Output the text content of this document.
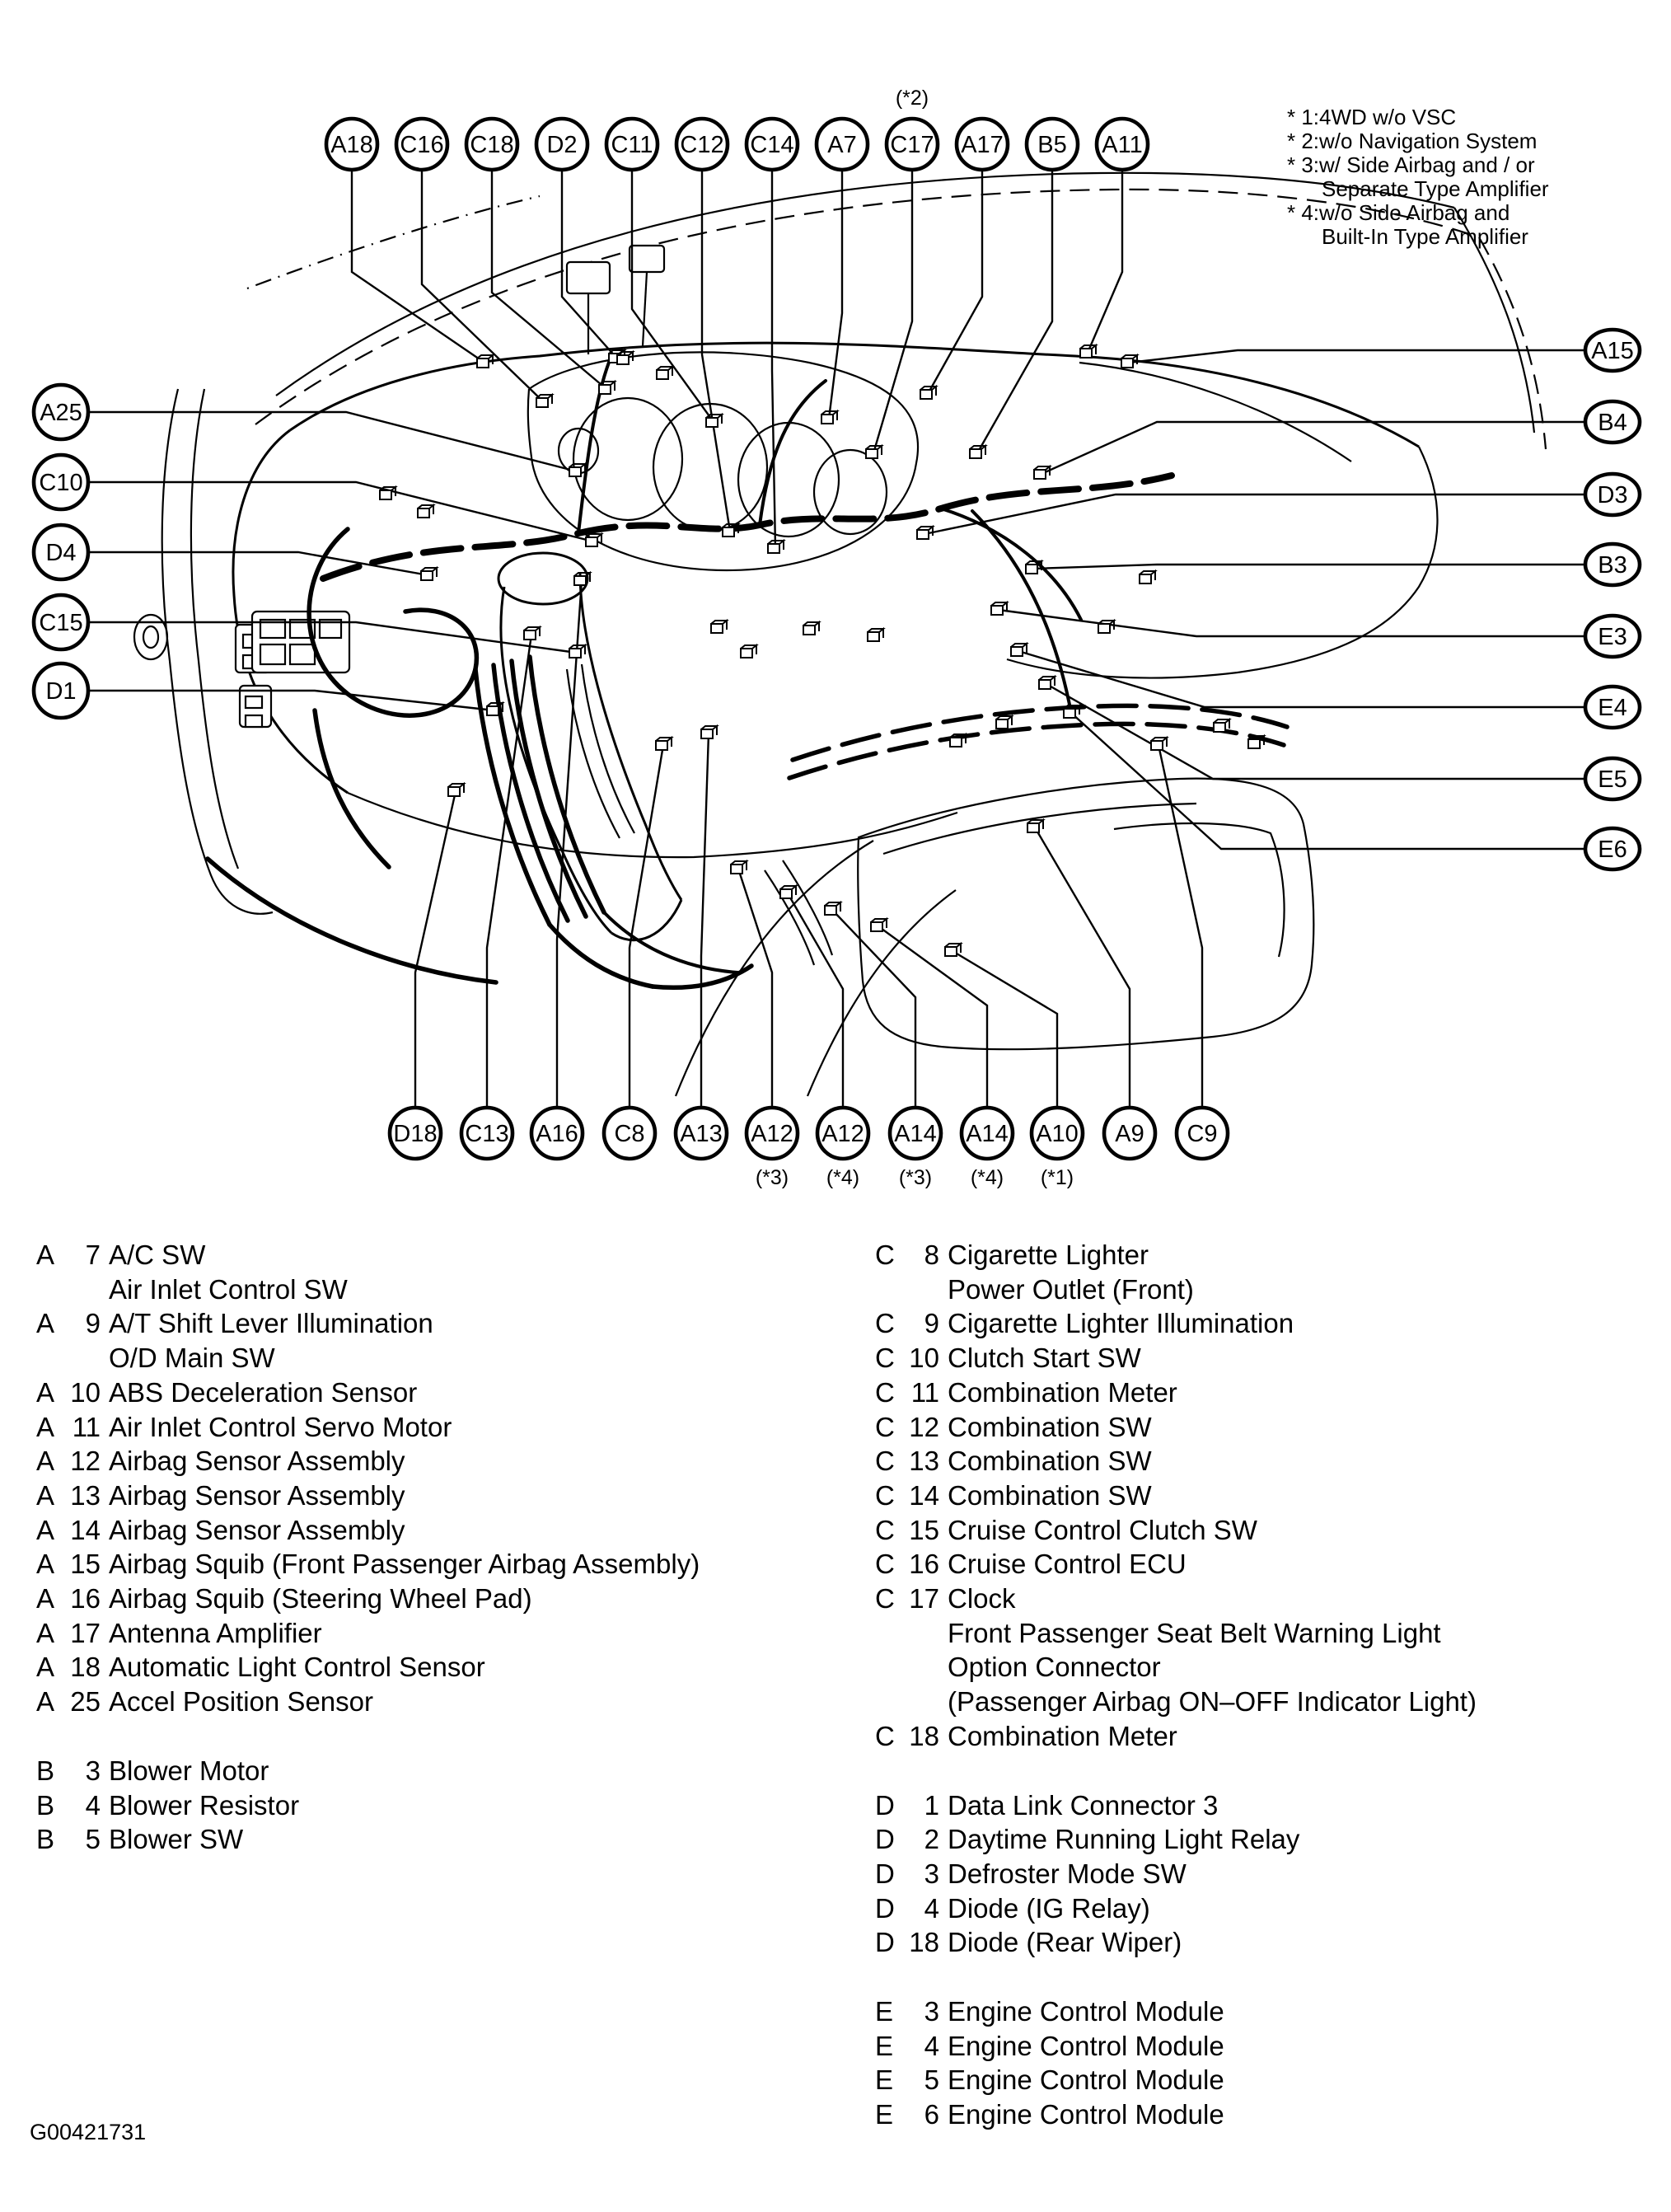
A18 C16 C18 D2 C11 C12 C14 A7 C17
(*2)
A17 B5 A11
A25
C10
D4
C15
D1
A15
B4
D3
B3
E3
E4
E5
E6
D18 C13 A16 C8 A13 A12
(*3)
A12
(*4)
A14
(*3)
A14
(*4)
A10
(*1)
A9 C9
* 1:4WD w/o VSC
* 2:w/o Navigation System
* 3:w/ Side Airbag and / or
Separate Type Amplifier
* 4:w/o Side Airbag and
Built-In Type Amplifier
A	7 A/C SW
Air Inlet Control SW
A	9 A/T Shift Lever Illumination
O/D Main SW
A 10 ABS Deceleration Sensor
A 11 Air Inlet Control Servo Motor
A 12 Airbag Sensor Assembly
A 13 Airbag Sensor Assembly
A 14 Airbag Sensor Assembly
A 15 Airbag Squib (Front Passenger Airbag Assembly)
A 16 Airbag Squib (Steering Wheel Pad)
A 17 Antenna Amplifier
A 18 Automatic Light Control Sensor
A 25 Accel Position Sensor
B	3 Blower Motor
B	4 Blower Resistor
B	5 Blower SW
C	8 Cigarette Lighter
Power Outlet (Front)
C	9 Cigarette Lighter Illumination
C 10 Clutch Start SW
C 11 Combination Meter
C 12 Combination SW
C 13 Combination SW
C 14 Combination SW
C 15 Cruise Control Clutch SW
C 16 Cruise Control ECU
C 17 Clock
Front Passenger Seat Belt Warning Light
Option Connector
(Passenger Airbag ON–OFF Indicator Light)
C 18 Combination Meter
D	1 Data Link Connector 3
D	2 Daytime Running Light Relay
D	3 Defroster Mode SW
D	4 Diode (IG Relay)
D 18 Diode (Rear Wiper)
E	3 Engine Control Module
E	4 Engine Control Module
E	5 Engine Control Module
E	6 Engine Control Module
G00421731
